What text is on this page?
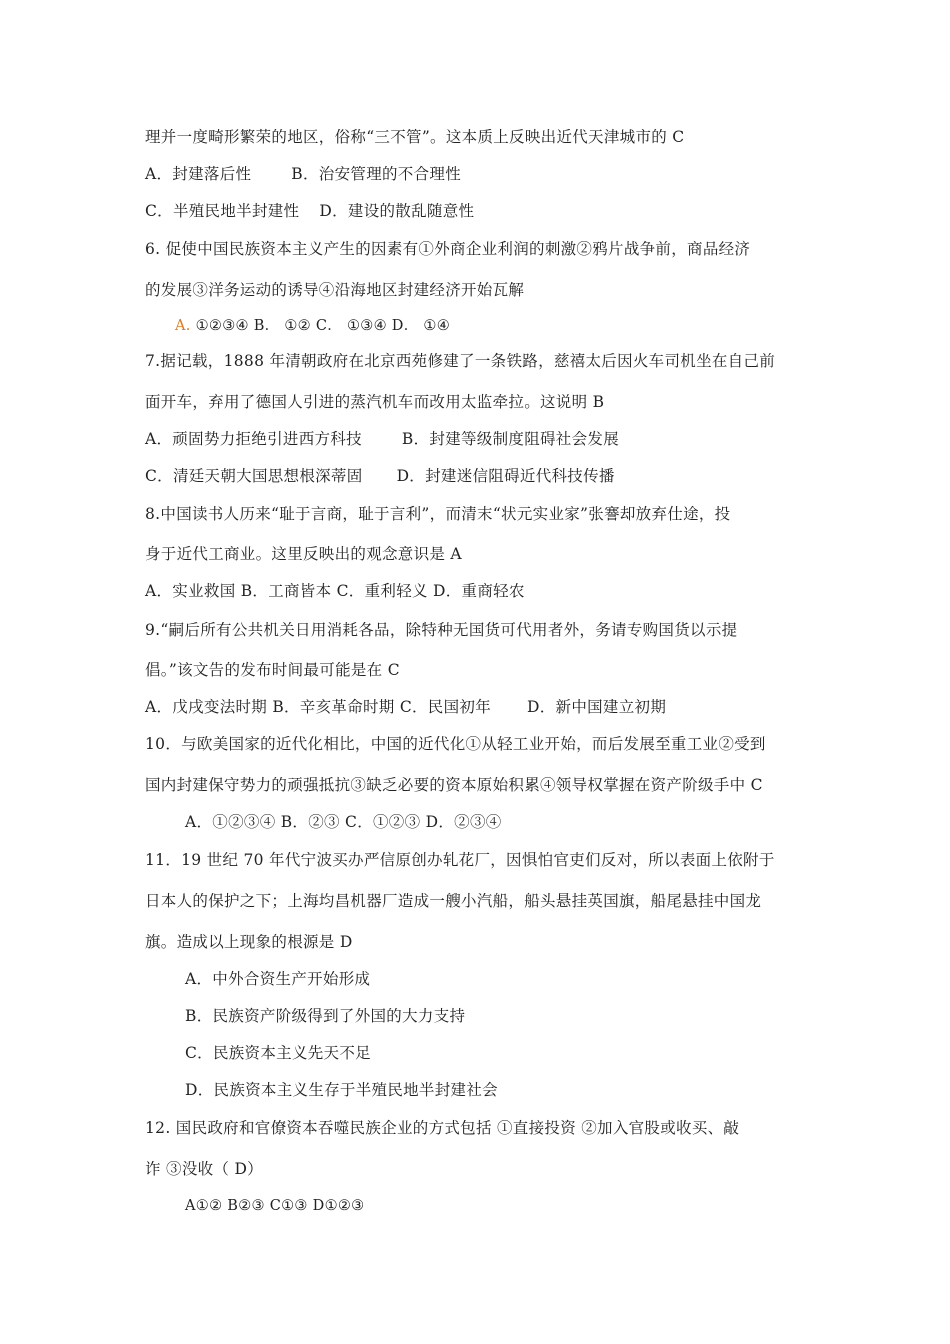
理并一度畸形繁荣的地区，俗称“三不管”。这本质上反映出近代天津城市的 C
A．封建落后性	B．治安管理的不合理性
C．半殖民地半封建性 D．建设的散乱随意性
6. 促使中国民族资本主义产生的因素有①外商企业利润的刺激②鸦片战争前，商品经济
的发展③洋务运动的诱导④沿海地区封建经济开始瓦解
A. ①②③④ B． ①② C． ①③④ D． ①④
7.据记载，1888 年清朝政府在北京西苑修建了一条铁路，慈禧太后因火车司机坐在自己前
面开车，弃用了德国人引进的蒸汽机车而改用太监牵拉。这说明 B
A．顽固势力拒绝引进西方科技	B．封建等级制度阻碍社会发展
C．清廷天朝大国思想根深蒂固 D．封建迷信阻碍近代科技传播
8.中国读书人历来“耻于言商，耻于言利”，而清末“状元实业家”张謇却放弃仕途，投
身于近代工商业。这里反映出的观念意识是 A
A．实业救国 B．工商皆本 C．重利轻义 D．重商轻农
9.“嗣后所有公共机关日用消耗各品，除特种无国货可代用者外，务请专购国货以示提
倡。”该文告的发布时间最可能是在 C
A．戊戌变法时期 B．辛亥革命时期 C．民国初年 D．新中国建立初期
10．与欧美国家的近代化相比，中国的近代化①从轻工业开始，而后发展至重工业②受到
国内封建保守势力的顽强抵抗③缺乏必要的资本原始积累④领导权掌握在资产阶级手中 C
A．①②③④ B．②③ C．①②③ D．②③④
11．19 世纪 70 年代宁波买办严信原创办轧花厂，因惧怕官吏们反对，所以表面上依附于
日本人的保护之下；上海均昌机器厂造成一艘小汽船，船头悬挂英国旗，船尾悬挂中国龙
旗。造成以上现象的根源是 D
A．中外合资生产开始形成
B．民族资产阶级得到了外国的大力支持
C．民族资本主义先天不足
D．民族资本主义生存于半殖民地半封建社会
12. 国民政府和官僚资本吞噬民族企业的方式包括 ①直接投资 ②加入官股或收买、敲
诈 ③没收（ D）
A①② B②③ C①③ D①②③
